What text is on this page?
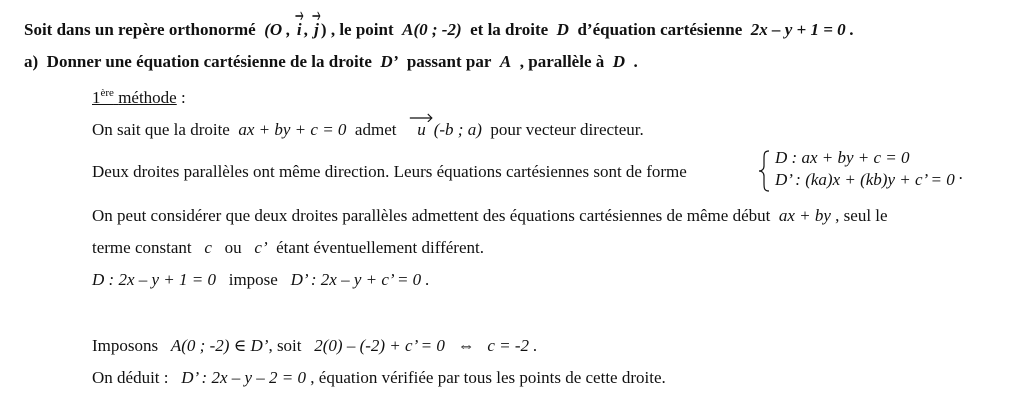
Soit dans un repère orthonormé (O , i , j ) , le point A(0 ; -2) et la droite D d’équation cartésienne 2x – y + 1 = 0 .
a) Donner une équation cartésienne de la droite D’ passant par A , parallèle à D .
1ère méthode :
On sait que la droite ax + by + c = 0 admet u (-b ; a) pour vecteur directeur.
Deux droites parallèles ont même direction. Leurs équations cartésiennes sont de forme
D : ax + by + c = 0
D’ : (ka)x + (kb)y + c’ = 0 .
On peut considérer que deux droites parallèles admettent des équations cartésiennes de même début ax + by , seul le
terme constant c ou c’ étant éventuellement différent.
D : 2x – y + 1 = 0 impose D’ : 2x – y + c’ = 0 .
Imposons A(0 ; -2) ∈ D’, soit 2(0) – (-2) + c’ = 0 ⇔ c = -2 .
On déduit : D’ : 2x – y – 2 = 0 , équation vérifiée par tous les points de cette droite.
